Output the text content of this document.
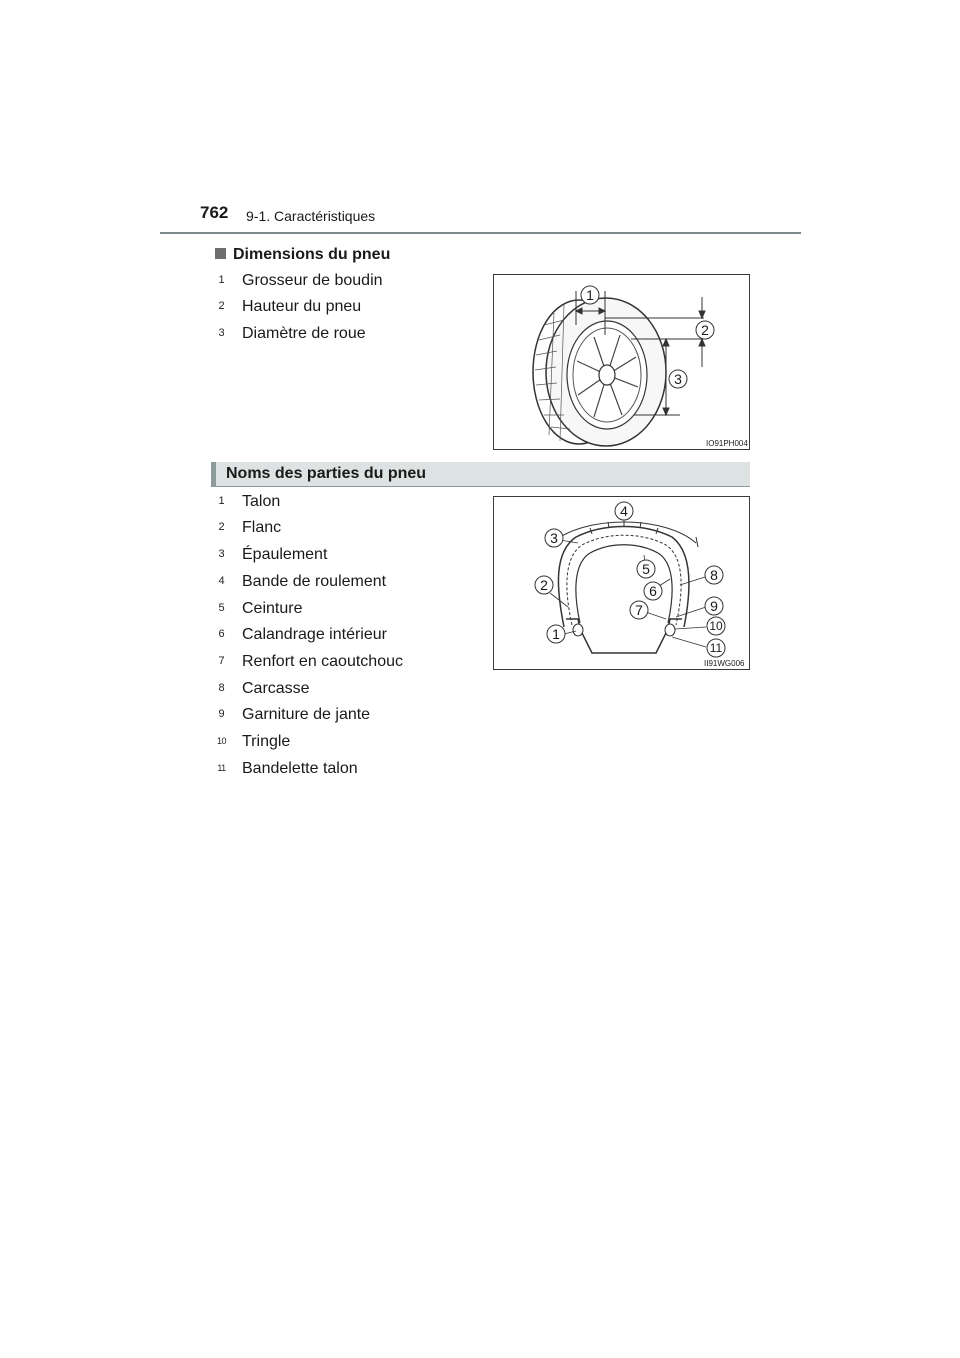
762 9-1. Caractéristiques
Dimensions du pneu
1 Grosseur de boudin
2 Hauteur du pneu
3 Diamètre de roue
1
2
3
IO91PH004
Noms des parties du pneu
1 Talon
2 Flanc
3 Épaulement
4 Bande de roulement
5 Ceinture
6 Calandrage intérieur
7 Renfort en caoutchouc
8 Carcasse
9 Garniture de jante
10 Tringle
11 Bandelette talon
1
2
3
4
5
6
7
8
9
10
11
II91WG006
